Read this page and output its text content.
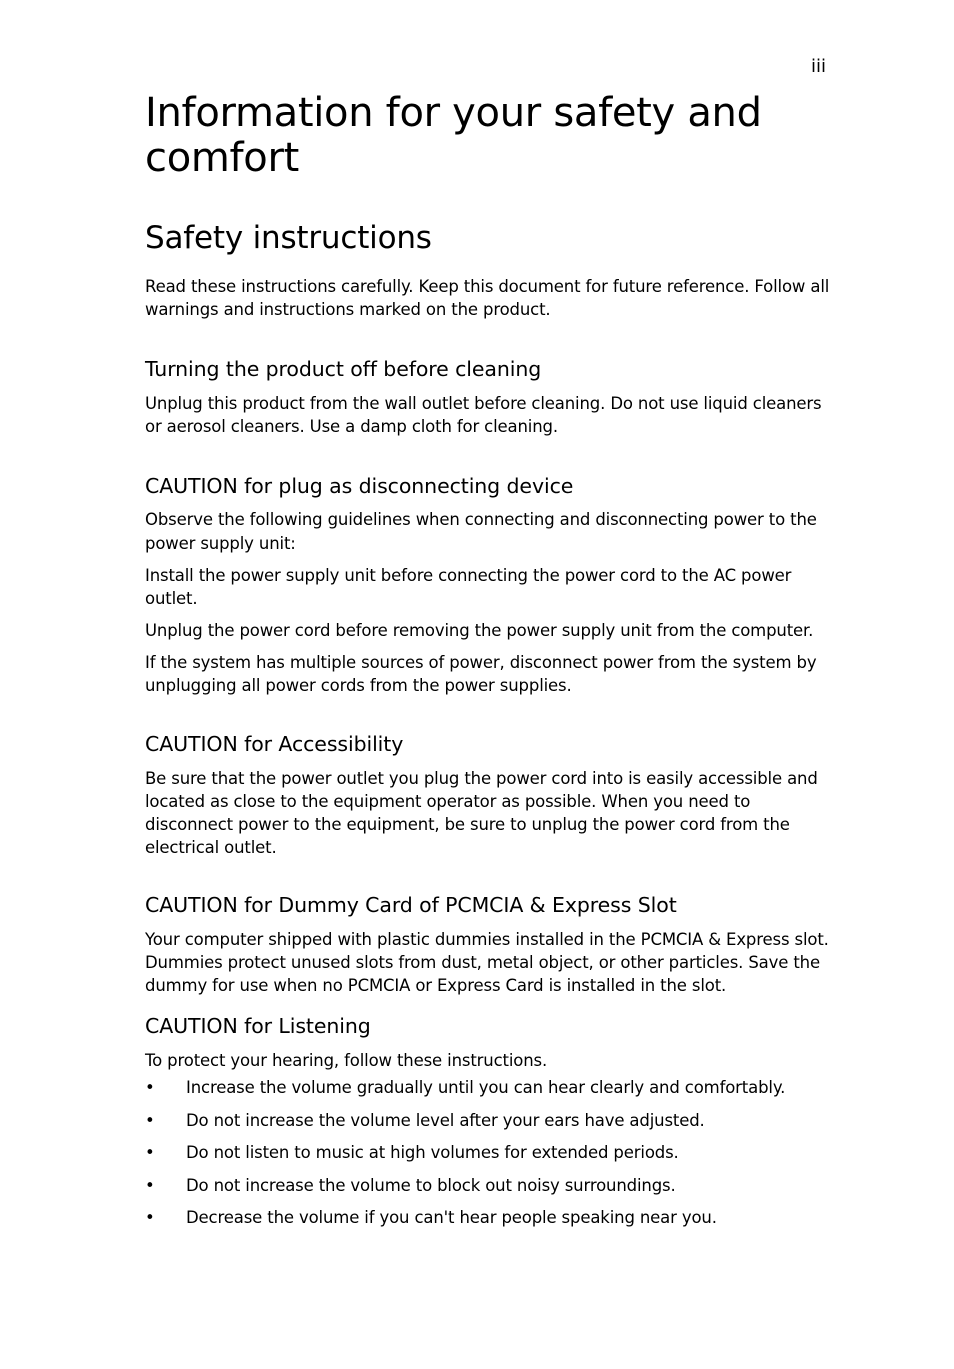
iii
Information for your safety and comfort
Safety instructions

Read these instructions carefully. Keep this document for future reference. Follow all warnings and instructions marked on the product.

Turning the product off before cleaning

Unplug this product from the wall outlet before cleaning. Do not use liquid cleaners or aerosol cleaners. Use a damp cloth for cleaning.

CAUTION for plug as disconnecting device

Observe the following guidelines when connecting and disconnecting power to the power supply unit:

Install the power supply unit before connecting the power cord to the AC power outlet.

Unplug the power cord before removing the power supply unit from the computer.

If the system has multiple sources of power, disconnect power from the system by unplugging all power cords from the power supplies.

CAUTION for Accessibility

Be sure that the power outlet you plug the power cord into is easily accessible and located as close to the equipment operator as possible. When you need to disconnect power to the equipment, be sure to unplug the power cord from the electrical outlet.

CAUTION for Dummy Card of PCMCIA & Express Slot

Your computer shipped with plastic dummies installed in the PCMCIA & Express slot. Dummies protect unused slots from dust, metal object, or other particles. Save the dummy for use when no PCMCIA or Express Card is installed in the slot.

CAUTION for Listening

To protect your hearing, follow these instructions.

• Increase the volume gradually until you can hear clearly and comfortably.
• Do not increase the volume level after your ears have adjusted.
• Do not listen to music at high volumes for extended periods.
• Do not increase the volume to block out noisy surroundings.
• Decrease the volume if you can't hear people speaking near you.
